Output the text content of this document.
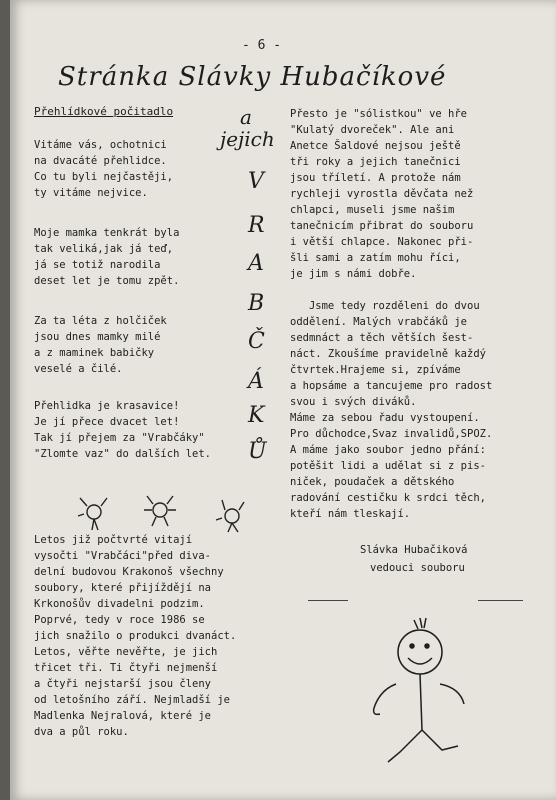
- 6 -
Stránka Slávky Hubačíkové
Přehlídkové počitadlo
Vitáme vás, ochotnici
na dvacáté přehlidce.
Co tu byli nejčastěji,
ty vitáme nejvice.
Moje mamka tenkrát byla
tak veliká,jak já teď,
já se totiž narodila
deset let je tomu zpět.
Za ta léta z holčiček
jsou dnes mamky milé
a z maminek babičky
veselé a čilé.
Přehlidka je krasavice!
Je jí přece dvacet let!
Tak jí přejem za "Vrabčáky"
"Zlomte vaz" do dalších let.
Letos již počtvrté vitají
vysočti "Vrabčáci"před diva-
delní budovou Krakonoš všechny
soubory, které přijíždějí na
Krkonošův divadelni podzim.
Poprvé, tedy v roce 1986 se
jich snažilo o produkci dvanáct.
Letos, věřte nevěřte, je jich
třicet tři. Ti čtyři nejmenší
a čtyři nejstarší jsou členy
od letošního září. Nejmladší je
Madlenka Nejralová, které je
dva a půl roku.
a
jejich
V
R
A
B
Č
Á
K
Ů
Přesto je "sólistkou" ve hře
"Kulatý dvoreček". Ale ani
Anetce Šaldové nejsou ještě
tři roky a jejich tanečnici
jsou tříletí. A protože nám
rychleji vyrostla děvčata než
chlapci, museli jsme našim
tanečnicím přibrat do souboru
i větší chlapce. Nakonec při-
šli sami a zatím mohu říci,
je jim s námi dobře.
Jsme tedy rozděleni do dvou
oddělení. Malých vrabčáků je
sedmnáct a těch větších šest-
náct. Zkoušíme pravidelně každý
čtvrtek.Hrajeme si, zpíváme
a hopsáme a tancujeme pro radost
svou i svých diváků.
Máme za sebou řadu vystoupení.
Pro důchodce,Svaz invalidů,SPOZ.
A máme jako soubor jedno přání:
potěšit lidi a udělat si z pis-
niček, poudaček a dětského
radování cestičku k srdci těch,
kteří nám tleskají.
Slávka Hubačiková
vedouci souboru
